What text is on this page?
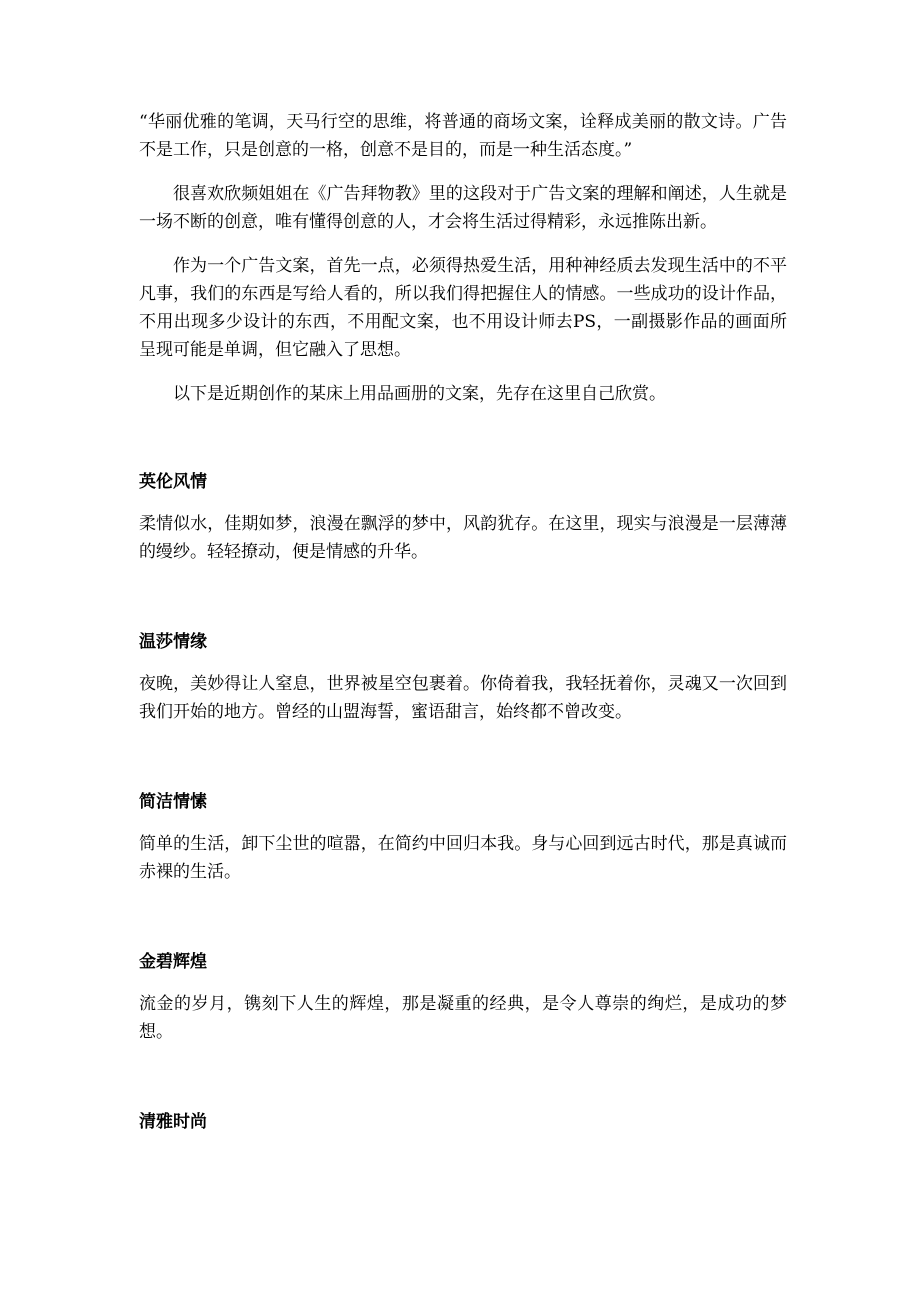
“华丽优雅的笔调，天马行空的思维，将普通的商场文案，诠释成美丽的散文诗。广告不是工作，只是创意的一格，创意不是目的，而是一种生活态度。”

很喜欢欣频姐姐在《广告拜物教》里的这段对于广告文案的理解和阐述，人生就是一场不断的创意，唯有懂得创意的人，才会将生活过得精彩，永远推陈出新。

作为一个广告文案，首先一点，必须得热爱生活，用种神经质去发现生活中的不平凡事，我们的东西是写给人看的，所以我们得把握住人的情感。一些成功的设计作品，不用出现多少设计的东西，不用配文案，也不用设计师去PS，一副摄影作品的画面所呈现可能是单调，但它融入了思想。

以下是近期创作的某床上用品画册的文案，先存在这里自己欣赏。

英伦风情

柔情似水，佳期如梦，浪漫在飘浮的梦中，风韵犹存。在这里，现实与浪漫是一层薄薄的缦纱。轻轻撩动，便是情感的升华。

温莎情缘

夜晚，美妙得让人窒息，世界被星空包裹着。你倚着我，我轻抚着你，灵魂又一次回到我们开始的地方。曾经的山盟海誓，蜜语甜言，始终都不曾改变。

简洁情愫

简单的生活，卸下尘世的喧嚣，在简约中回归本我。身与心回到远古时代，那是真诚而赤裸的生活。

金碧辉煌

流金的岁月，镌刻下人生的辉煌，那是凝重的经典，是令人尊崇的绚烂，是成功的梦想。

清雅时尚
